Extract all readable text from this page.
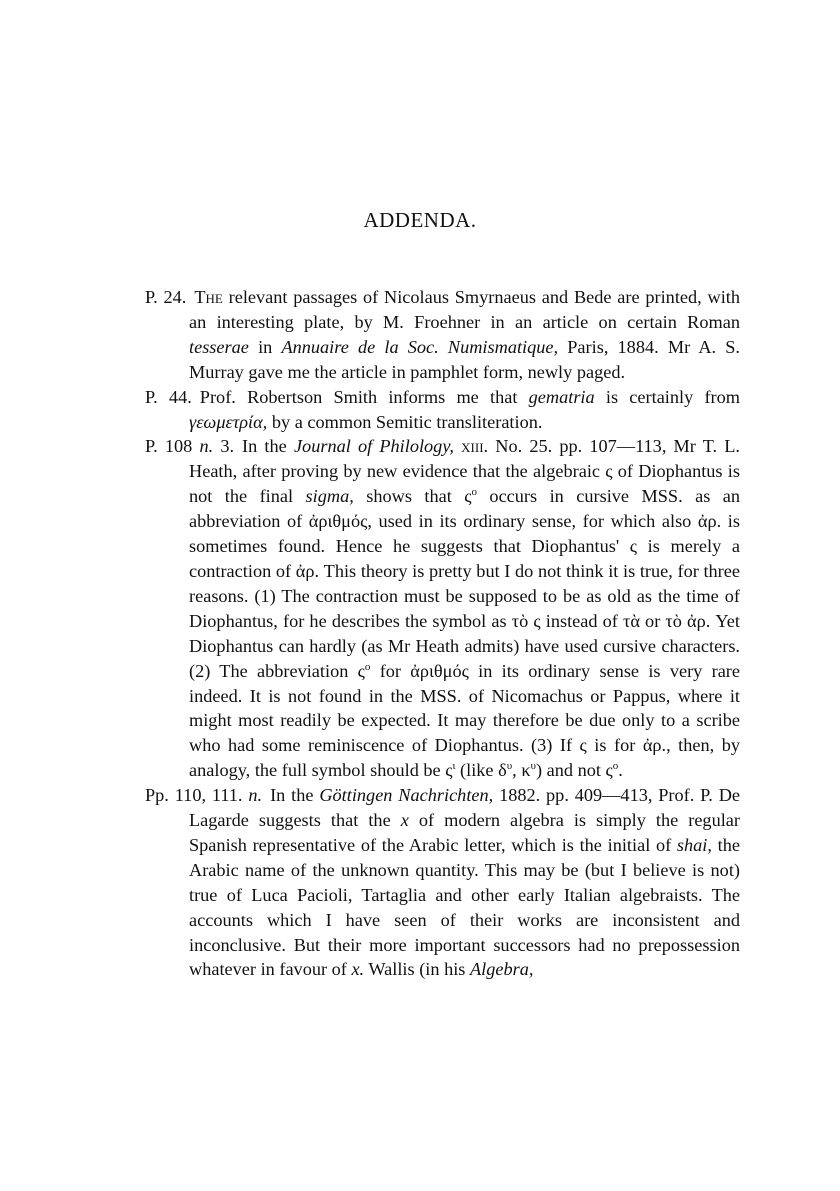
ADDENDA.
P. 24. The relevant passages of Nicolaus Smyrnaeus and Bede are printed, with an interesting plate, by M. Froehner in an article on certain Roman tesserae in Annuaire de la Soc. Numismatique, Paris, 1884. Mr A. S. Murray gave me the article in pamphlet form, newly paged.
P. 44. Prof. Robertson Smith informs me that gematria is certainly from γεωμετρία, by a common Semitic transliteration.
P. 108 n. 3. In the Journal of Philology, xiii. No. 25. pp. 107—113, Mr T. L. Heath, after proving by new evidence that the algebraic ς of Diophantus is not the final sigma, shows that $\varsigma^o$ occurs in cursive MSS. as an abbreviation of ἀριθμός, used in its ordinary sense, for which also ἀρ. is sometimes found. Hence he suggests that Diophantus' ς is merely a contraction of ἀρ. This theory is pretty but I do not think it is true, for three reasons. (1) The contraction must be supposed to be as old as the time of Diophantus, for he describes the symbol as τὸ ς instead of τὰ or τὸ ἀρ. Yet Diophantus can hardly (as Mr Heath admits) have used cursive characters. (2) The abbreviation $\varsigma^o$ for ἀριθμός in its ordinary sense is very rare indeed. It is not found in the MSS. of Nicomachus or Pappus, where it might most readily be expected. It may therefore be due only to a scribe who had some reminiscence of Diophantus. (3) If ς is for ἀρ., then, by analogy, the full symbol should be $\varsigma^\iota$ (like $\delta^\upsilon$, $\kappa^\upsilon$) and not $\varsigma^o$.
Pp. 110, 111. n. In the Göttingen Nachrichten, 1882. pp. 409—413, Prof. P. De Lagarde suggests that the x of modern algebra is simply the regular Spanish representative of the Arabic letter, which is the initial of shai, the Arabic name of the unknown quantity. This may be (but I believe is not) true of Luca Pacioli, Tartaglia and other early Italian algebraists. The accounts which I have seen of their works are inconsistent and inconclusive. But their more important successors had no prepossession whatever in favour of x. Wallis (in his Algebra,
